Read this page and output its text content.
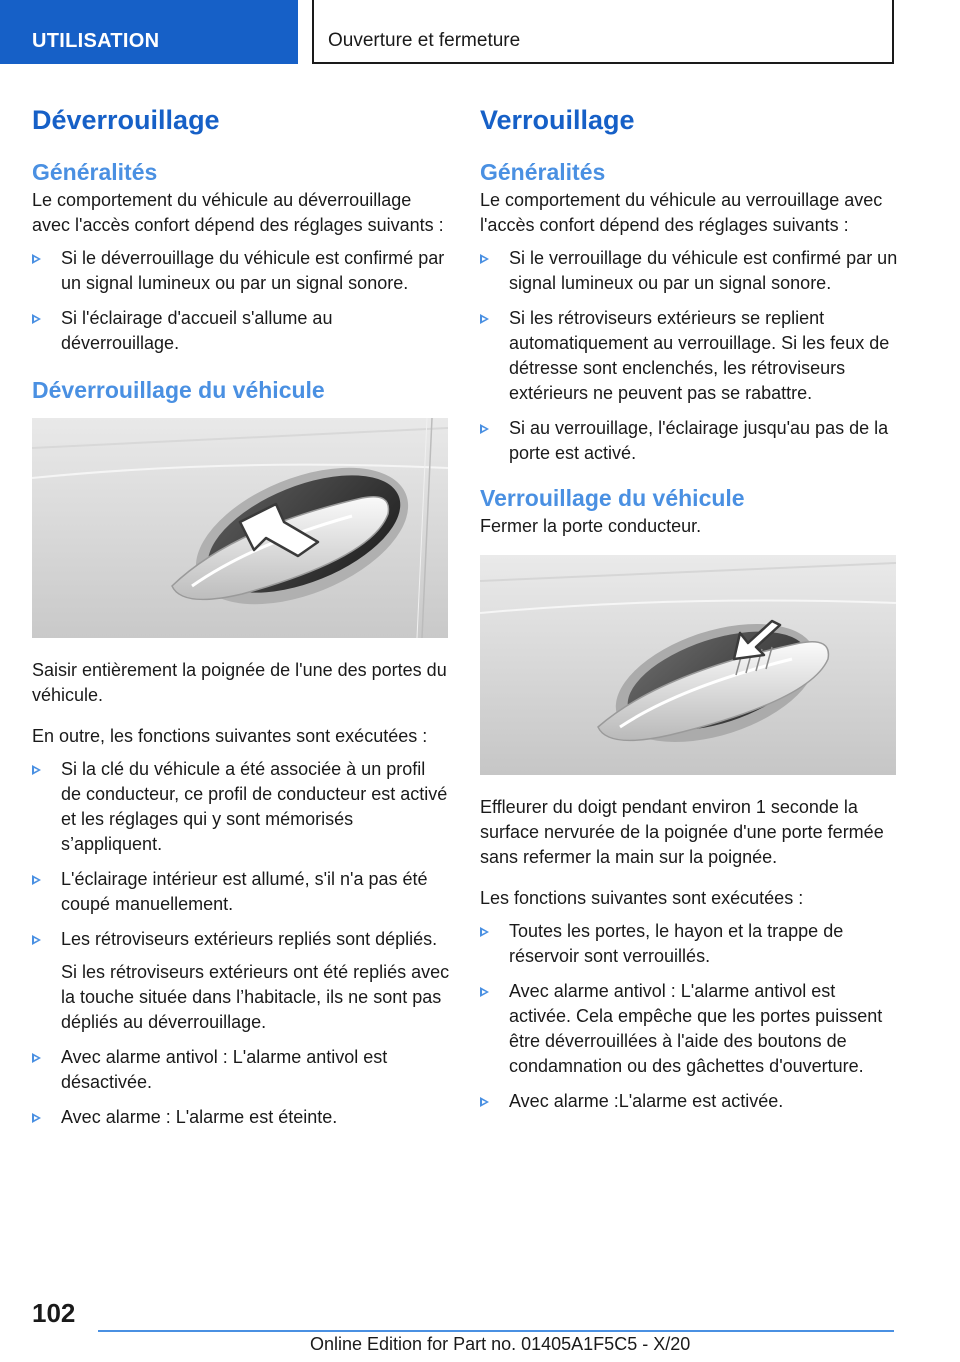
UTILISATION	Ouverture et fermeture
Déverrouillage
Généralités

Le comportement du véhicule au déverrouillage avec l'accès confort dépend des réglages suivants :

Si le déverrouillage du véhicule est confirmé par un signal lumineux ou par un signal sonore.
Si l'éclairage d'accueil s'allume au déverrouillage.
Déverrouillage du véhicule

Saisir entièrement la poignée de l'une des portes du véhicule.

En outre, les fonctions suivantes sont exécutées :

Si la clé du véhicule a été associée à un profil de conducteur, ce profil de conducteur est activé et les réglages qui y sont mémorisés s’appliquent.
L'éclairage intérieur est allumé, s'il n'a pas été coupé manuellement.
Les rétroviseurs extérieurs repliés sont dépliés.
Si les rétroviseurs extérieurs ont été repliés avec la touche située dans l’habitacle, ils ne sont pas dépliés au déverrouillage.
Avec alarme antivol : L'alarme antivol est désactivée.
Avec alarme : L'alarme est éteinte.
Verrouillage
Généralités

Le comportement du véhicule au verrouillage avec l'accès confort dépend des réglages suivants :

Si le verrouillage du véhicule est confirmé par un signal lumineux ou par un signal sonore.
Si les rétroviseurs extérieurs se replient automatiquement au verrouillage. Si les feux de détresse sont enclenchés, les rétroviseurs extérieurs ne peuvent pas se rabattre.
Si au verrouillage, l'éclairage jusqu'au pas de la porte est activé.
Verrouillage du véhicule

Fermer la porte conducteur.

Effleurer du doigt pendant environ 1 seconde la surface nervurée de la poignée d'une porte fermée sans refermer la main sur la poignée.

Les fonctions suivantes sont exécutées :

Toutes les portes, le hayon et la trappe de réservoir sont verrouillés.
Avec alarme antivol : L'alarme antivol est activée. Cela empêche que les portes puissent être déverrouillées à l'aide des boutons de condamnation ou des gâchettes d'ouverture.
Avec alarme :L'alarme est activée.
102
Online Edition for Part no. 01405A1F5C5 - X/20
